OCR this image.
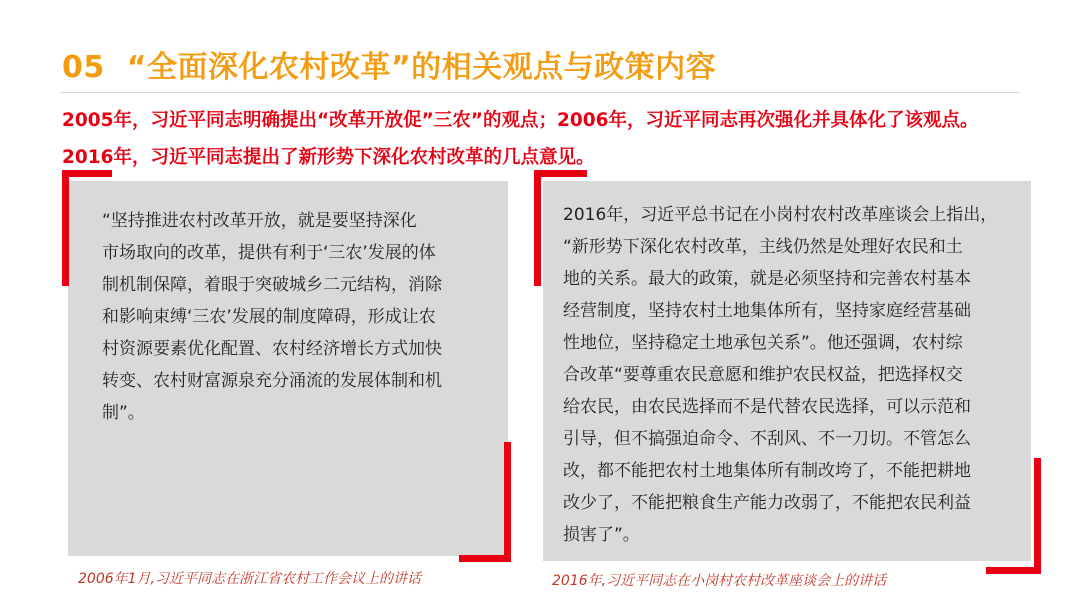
05 “全面深化农村改革”的相关观点与政策内容
2005年，习近平同志明确提出“改革开放促”三农”的观点；2006年，习近平同志再次强化并具体化了该观点。
2016年，习近平同志提出了新形势下深化农村改革的几点意见。
“坚持推进农村改革开放，就是要坚持深化
市场取向的改革，提供有利于‘三农’发展的体
制机制保障，着眼于突破城乡二元结构，消除
和影响束缚‘三农’发展的制度障碍，形成让农
村资源要素优化配置、农村经济增长方式加快
转变、农村财富源泉充分涌流的发展体制和机
制”。
2006年1月,习近平同志在浙江省农村工作会议上的讲话
2016年，习近平总书记在小岗村农村改革座谈会上指出，
“新形势下深化农村改革，主线仍然是处理好农民和土
地的关系。最大的政策，就是必须坚持和完善农村基本
经营制度，坚持农村土地集体所有，坚持家庭经营基础
性地位，坚持稳定土地承包关系”。他还强调，农村综
合改革“要尊重农民意愿和维护农民权益，把选择权交
给农民，由农民选择而不是代替农民选择，可以示范和
引导，但不搞强迫命令、不刮风、不一刀切。不管怎么
改，都不能把农村土地集体所有制改垮了，不能把耕地
改少了，不能把粮食生产能力改弱了，不能把农民利益
损害了”。
2016年,习近平同志在小岗村农村改革座谈会上的讲话
